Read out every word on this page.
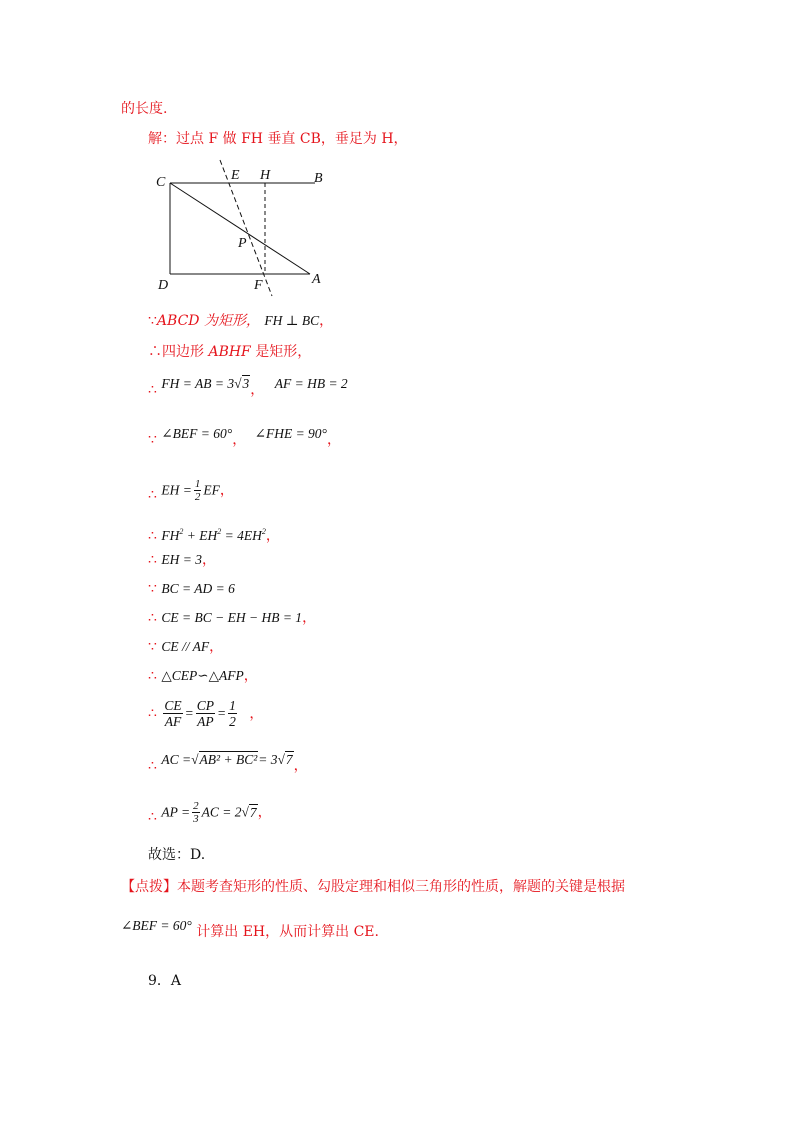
的长度.
解：过点 F 做 FH 垂直 CB，垂足为 H，
C	E H	B
P
D	F	A
∵ABCD 为矩形， FH ⊥ BC，
∴四边形 ABHF 是矩形，
∴ FH = AB = 3√3， AF = HB = 2
∵ ∠BEF = 60°， ∠FHE = 90°，
∴ EH = $\frac{1}{2}$ EF，
∴ $FH^2 + EH^2 = 4EH^2$，
∴ EH = 3，
∵ BC = AD = 6
∴ CE = BC − EH − HB = 1，
∵ CE // AF，
∴ △CEP∽△AFP，
∴ $\frac{CE}{AF} = \frac{CP}{AP} = \frac{1}{2}$ ，
∴ AC =√AB² + BC²= 3√7，
∴ AP = $\frac{2}{3}$ AC = 2√7，
故选：D.
【点拨】本题考查矩形的性质、勾股定理和相似三角形的性质，解题的关键是根据
∠BEF = 60° 计算出 EH，从而计算出 CE.
9．A
